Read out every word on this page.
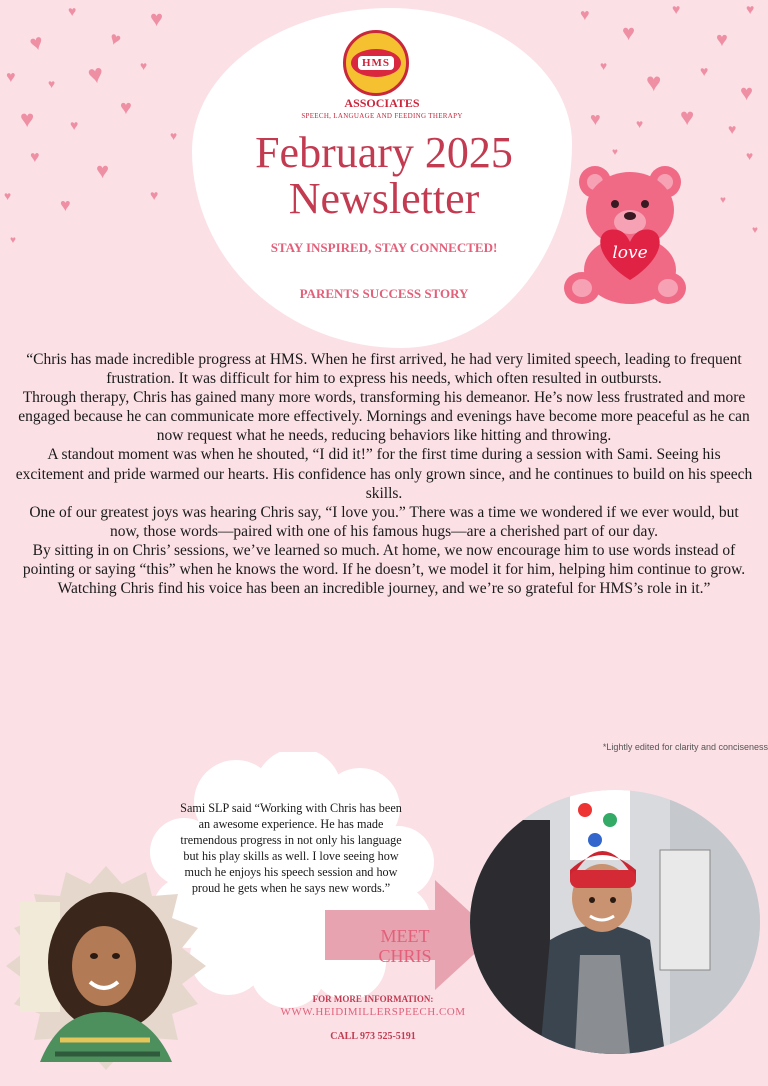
♥
♥
♥
♥
♥	♥ ♥	♥
♥	♥
♥
♥
♥
♥
♥	♥	♥
♥
♥
♥
♥
♥
♥
♥
♥	♥
♥
♥	♥ ♥ ♥
♥	♥
♥
♥
HMS
ASSOCIATES
SPEECH, LANGUAGE AND FEEDING THERAPY
February 2025
Newsletter
STAY INSPIRED, STAY CONNECTED!
PARENTS SUCCESS STORY
love

“Chris has made incredible progress at HMS. When he first arrived, he had very limited speech, leading to frequent frustration. It was difficult for him to express his needs, which often resulted in outbursts.

Through therapy, Chris has gained many more words, transforming his demeanor. He’s now less frustrated and more engaged because he can communicate more effectively. Mornings and evenings have become more peaceful as he can now request what he needs, reducing behaviors like hitting and throwing.

A standout moment was when he shouted, “I did it!” for the first time during a session with Sami. Seeing his excitement and pride warmed our hearts. His confidence has only grown since, and he continues to build on his speech skills.

One of our greatest joys was hearing Chris say, “I love you.” There was a time we wondered if we ever would, but now, those words—paired with one of his famous hugs—are a cherished part of our day.

By sitting in on Chris’ sessions, we’ve learned so much. At home, we now encourage him to use words instead of pointing or saying “this” when he knows the word. If he doesn’t, we model it for him, helping him continue to grow.

Watching Chris find his voice has been an incredible journey, and we’re so grateful for HMS’s role in it.”

*Lightly edited for clarity and conciseness
Sami SLP said “Working with Chris has been an awesome experience. He has made tremendous progress in not only his language but his play skills as well. I love seeing how much he enjoys his speech session and how proud he gets when he says new words.”
MEET
CHRIS
FOR MORE INFORMATION:
WWW.HEIDIMILLERSPEECH.COM
CALL 973 525-5191
